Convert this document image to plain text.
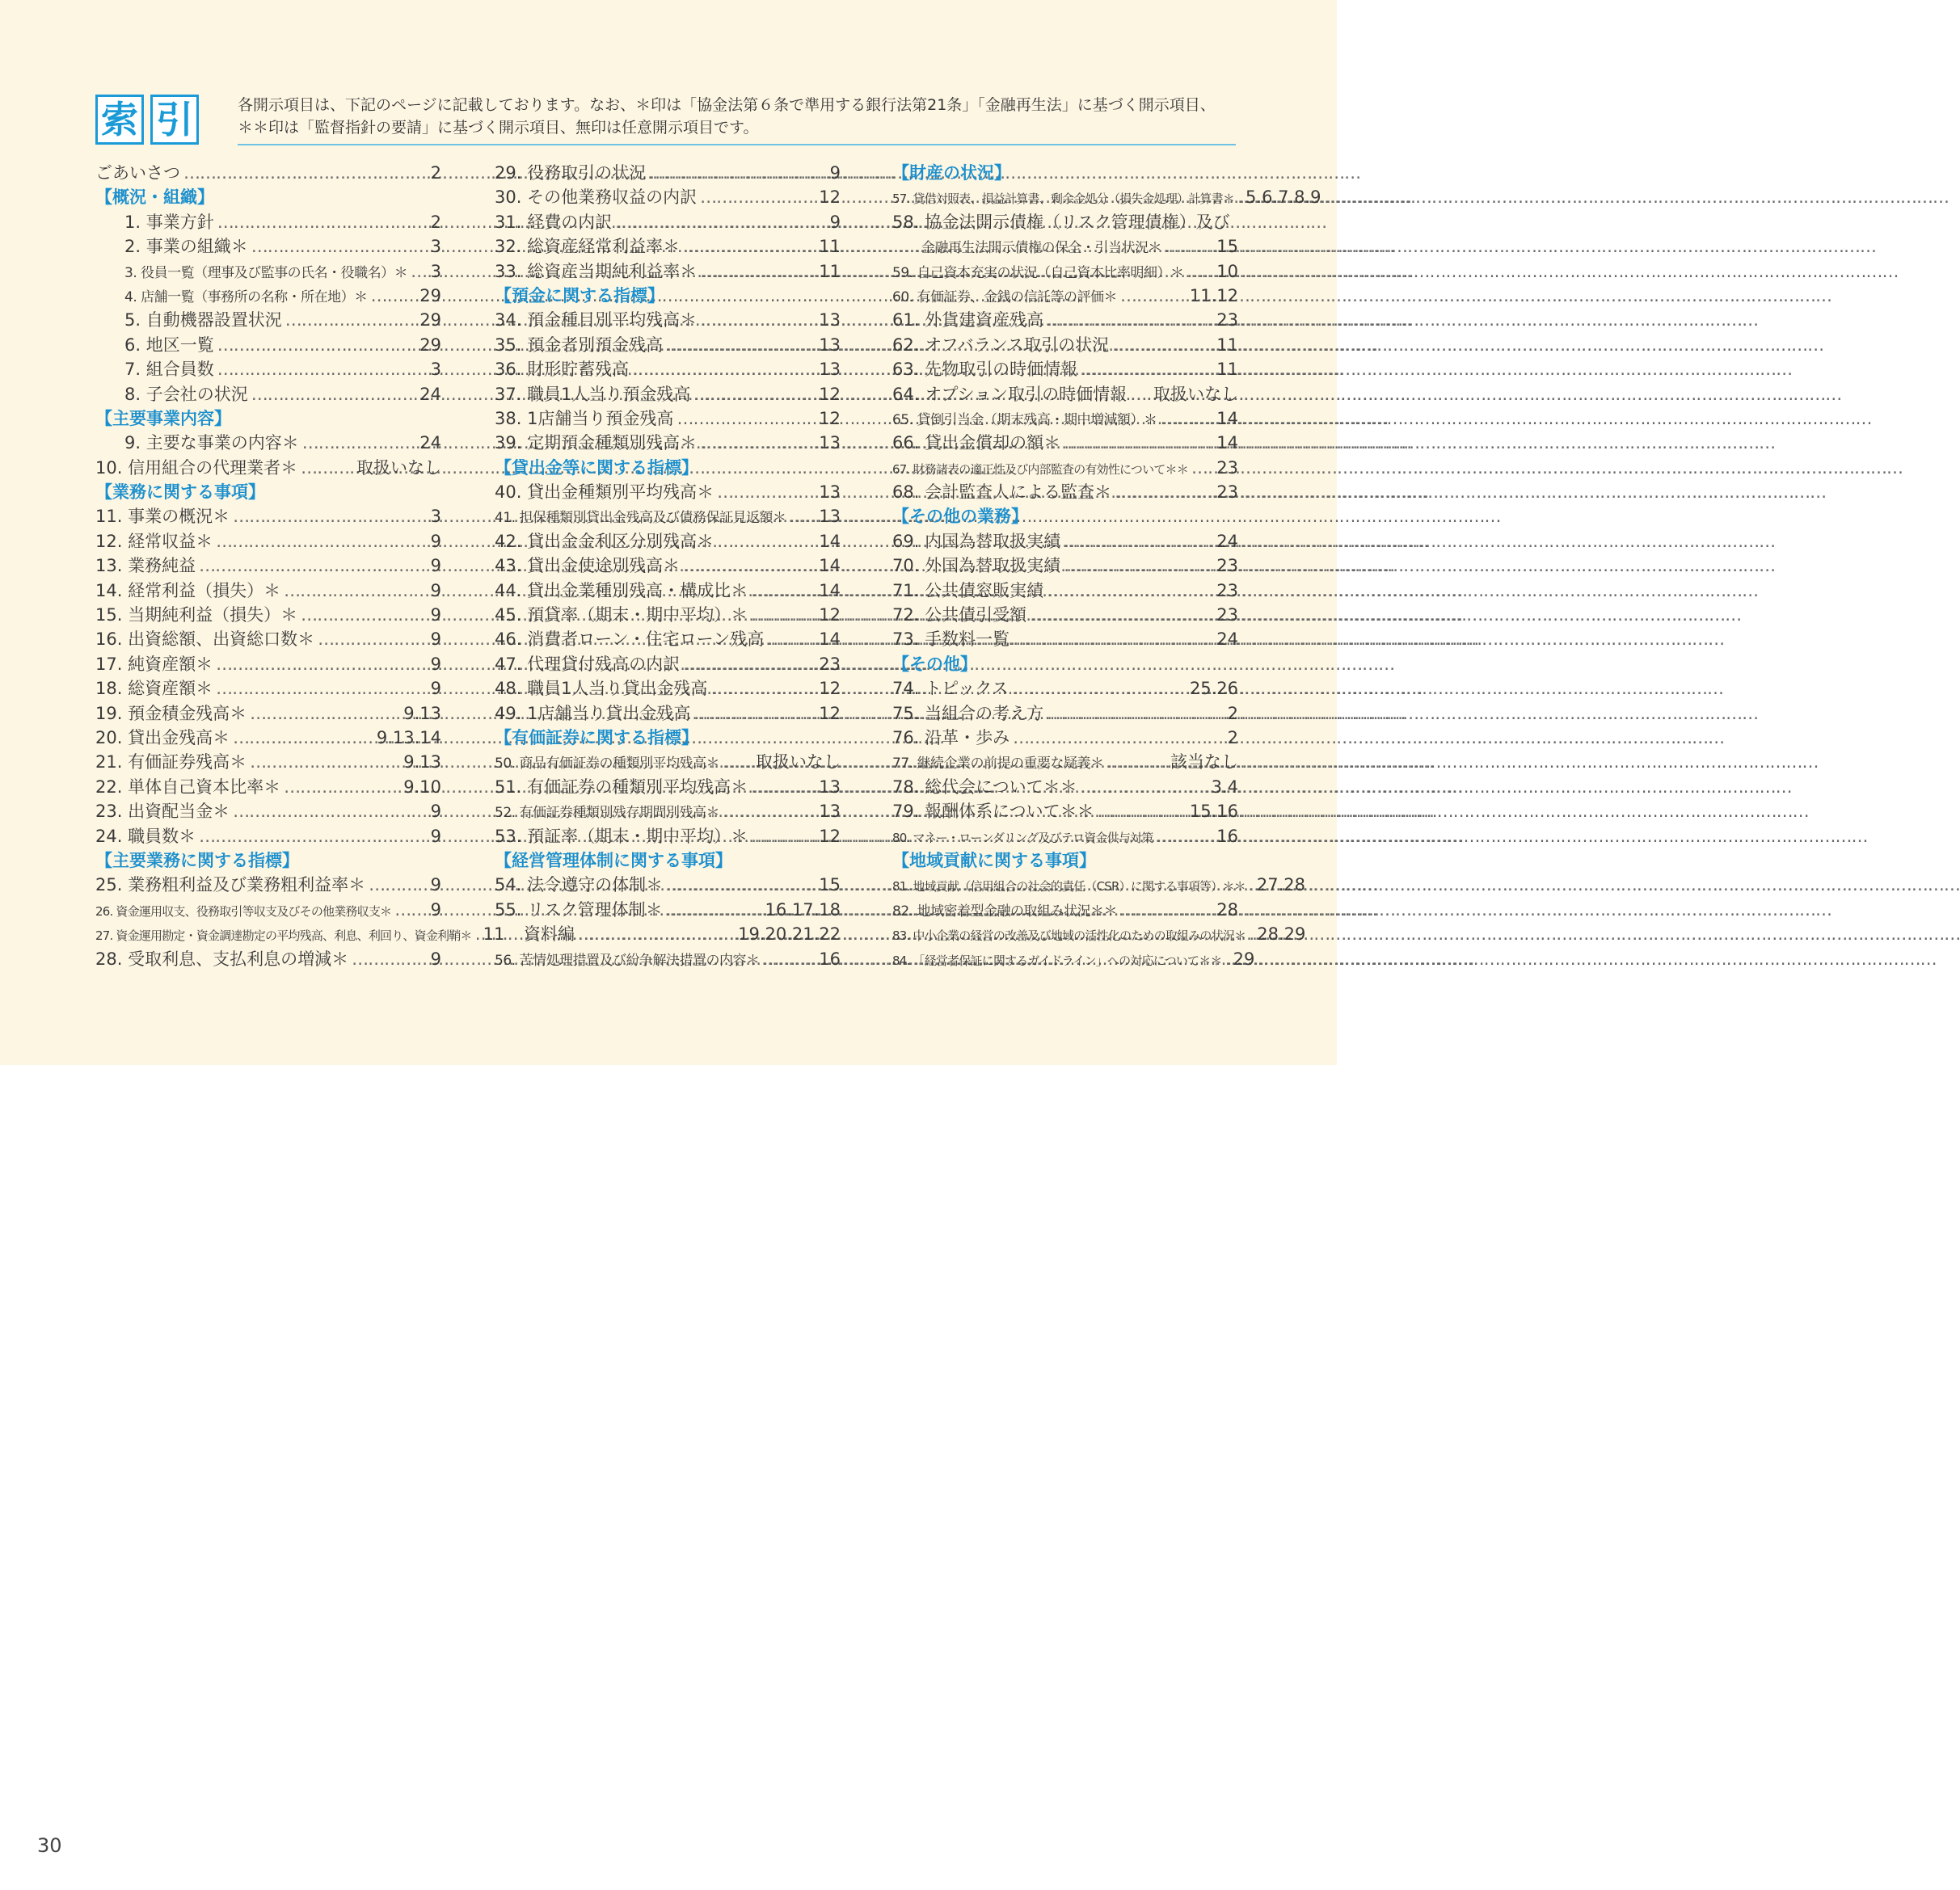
索 引	各開示項目は、下記のページに記載しております。なお、＊印は「協金法第６条で準用する銀行法第21条」「金融再生法」に基づく開示項目、
＊＊印は「監督指針の要請」に基づく開示項目、無印は任意開示項目です。
ごあいさつ ……………………………………………………………………………………………………………………	2
【概況・組織】
1. 事業方針 ……………………………………………………………………………………………………………………	2
2. 事業の組織＊ ……………………………………………………………………………………………………………………	3
3. 役員一覧（理事及び監事の氏名・役職名）＊ …………………………………………………………………………………………………………………… 3
4. 店舗一覧（事務所の名称・所在地）＊ ……………………………………………………………………………………………………………………	29
5. 自動機器設置状況 ……………………………………………………………………………………………………………………	29
6. 地区一覧 ……………………………………………………………………………………………………………………	29
7. 組合員数 ……………………………………………………………………………………………………………………	3
8. 子会社の状況 ……………………………………………………………………………………………………………………	24
【主要事業内容】
9. 主要な事業の内容＊ ……………………………………………………………………………………………………………………	24
10. 信用組合の代理業者＊ ……………………………………………………………………………………………………………………	取扱いなし
【業務に関する事項】
11. 事業の概況＊ ……………………………………………………………………………………………………………………	3
12. 経常収益＊ ……………………………………………………………………………………………………………………	9
13. 業務純益 ……………………………………………………………………………………………………………………	9
14. 経常利益（損失）＊ ……………………………………………………………………………………………………………………	9
15. 当期純利益（損失）＊ ……………………………………………………………………………………………………………………	9
16. 出資総額、出資総口数＊ ……………………………………………………………………………………………………………………	9
17. 純資産額＊ ……………………………………………………………………………………………………………………	9
18. 総資産額＊ ……………………………………………………………………………………………………………………	9
19. 預金積金残高＊ ……………………………………………………………………………………………………………………	9.13
20. 貸出金残高＊ ……………………………………………………………………………………………………………………	9.13.14
21. 有価証券残高＊ ……………………………………………………………………………………………………………………	9.13
22. 単体自己資本比率＊ ……………………………………………………………………………………………………………………	9.10
23. 出資配当金＊ ……………………………………………………………………………………………………………………	9
24. 職員数＊ ……………………………………………………………………………………………………………………	9
【主要業務に関する指標】
25. 業務粗利益及び業務粗利益率＊ ……………………………………………………………………………………………………………………	9
26. 資金運用収支、役務取引等収支及びその他業務収支＊ …………………………………………………………………………………………………………………… 9
27. 資金運用勘定・資金調達勘定の平均残高、利息、利回り、資金利鞘＊ …………………………………………………………………………………………………………………… 11
28. 受取利息、支払利息の増減＊ ……………………………………………………………………………………………………………………	9
29. 役務取引の状況 ……………………………………………………………………………………………………………………	9
30. その他業務収益の内訳 ……………………………………………………………………………………………………………………	12
31. 経費の内訳 ……………………………………………………………………………………………………………………	9
32. 総資産経常利益率＊ ……………………………………………………………………………………………………………………	11
33. 総資産当期純利益率＊ ……………………………………………………………………………………………………………………	11
【預金に関する指標】
34. 預金種目別平均残高＊ ……………………………………………………………………………………………………………………	13
35. 預金者別預金残高 ……………………………………………………………………………………………………………………	13
36. 財形貯蓄残高 ……………………………………………………………………………………………………………………	13
37. 職員1人当り預金残高 ……………………………………………………………………………………………………………………	12
38. 1店舗当り預金残高 ……………………………………………………………………………………………………………………	12
39. 定期預金種類別残高＊ ……………………………………………………………………………………………………………………	13
【貸出金等に関する指標】
40. 貸出金種類別平均残高＊ ……………………………………………………………………………………………………………………	13
41. 担保種類別貸出金残高及び債務保証見返額＊ …………………………………………………………………………………………………………………… 13
42. 貸出金金利区分別残高＊ ……………………………………………………………………………………………………………………	14
43. 貸出金使途別残高＊ ……………………………………………………………………………………………………………………	14
44. 貸出金業種別残高・構成比＊ ……………………………………………………………………………………………………………………	14
45. 預貸率（期末・期中平均）＊ ……………………………………………………………………………………………………………………	12
46. 消費者ローン・住宅ローン残高 ……………………………………………………………………………………………………………………	14
47. 代理貸付残高の内訳 ……………………………………………………………………………………………………………………	23
48. 職員1人当り貸出金残高 ……………………………………………………………………………………………………………………	12
49. 1店舗当り貸出金残高 ……………………………………………………………………………………………………………………	12
【有価証券に関する指標】
50. 商品有価証券の種類別平均残高＊ …………………………………………………………………………………………………………………… 取扱いなし
51. 有価証券の種類別平均残高＊ ……………………………………………………………………………………………………………………	13
52. 有価証券種類別残存期間別残高＊ ……………………………………………………………………………………………………………………	13
53. 預証率（期末・期中平均）＊ ……………………………………………………………………………………………………………………	12
【経営管理体制に関する事項】
54. 法令遵守の体制＊ ……………………………………………………………………………………………………………………	15
55. リスク管理体制＊ ……………………………………………………………………………………………………………………	16.17.18
資料編 ……………………………………………………………………………………………………………………	19.20.21.22
56. 苦情処理措置及び紛争解決措置の内容＊ ……………………………………………………………………………………………………………………	16
【財産の状況】
57. 貸借対照表、損益計算書、剰余金処分（損失金処理）計算書＊ …………………………………………………………………………………………………………………… 5.6.7.8.9
58. 協金法開示債権（リスク管理債権）及び
金融再生法開示債権の保全・引当状況＊ ……………………………………………………………………………………………………………………	15
59. 自己資本充実の状況（自己資本比率明細）＊ …………………………………………………………………………………………………………………… 10
60. 有価証券、金銭の信託等の評価＊ ……………………………………………………………………………………………………………………	11.12
61. 外貨建資産残高 ……………………………………………………………………………………………………………………	23
62. オフバランス取引の状況 ……………………………………………………………………………………………………………………	11
63. 先物取引の時価情報 ……………………………………………………………………………………………………………………	11
64. オプション取引の時価情報 …………………………………………………………………………………………………………………… 取扱いなし
65. 貸倒引当金（期末残高・期中増減額）＊ ……………………………………………………………………………………………………………………	14
66. 貸出金償却の額＊ ……………………………………………………………………………………………………………………	14
67. 財務諸表の適正性及び内部監査の有効性について＊＊ …………………………………………………………………………………………………………………… 23
68. 会計監査人による監査＊ ……………………………………………………………………………………………………………………	23
【その他の業務】
69. 内国為替取扱実績 ……………………………………………………………………………………………………………………	24
70. 外国為替取扱実績 ……………………………………………………………………………………………………………………	23
71. 公共債窓販実績 ……………………………………………………………………………………………………………………	23
72. 公共債引受額 ……………………………………………………………………………………………………………………	23
73. 手数料一覧 ……………………………………………………………………………………………………………………	24
【その他】
74. トピックス ……………………………………………………………………………………………………………………	25.26
75. 当組合の考え方 ……………………………………………………………………………………………………………………	2
76. 沿革・歩み ……………………………………………………………………………………………………………………	2
77. 継続企業の前提の重要な疑義＊ ……………………………………………………………………………………………………………………	該当なし
78. 総代会について＊＊ ……………………………………………………………………………………………………………………	3.4
79. 報酬体系について＊＊ ……………………………………………………………………………………………………………………	15.16
80. マネー・ローンダリング及びテロ資金供与対策 ……………………………………………………………………………………………………………………	16
【地域貢献に関する事項】
81. 地域貢献（信用組合の社会的責任（CSR）に関する事項等）＊＊ …………………………………………………………………………………………………………………… 27.28
82. 地域密着型金融の取組み状況＊＊ ……………………………………………………………………………………………………………………	28
83. 中小企業の経営の改善及び地域の活性化のための取組みの状況＊ …………………………………………………………………………………………………………………… 28.29
84. 「経営者保証に関するガイドライン」への対応について＊＊ …………………………………………………………………………………………………………………… 29
30
